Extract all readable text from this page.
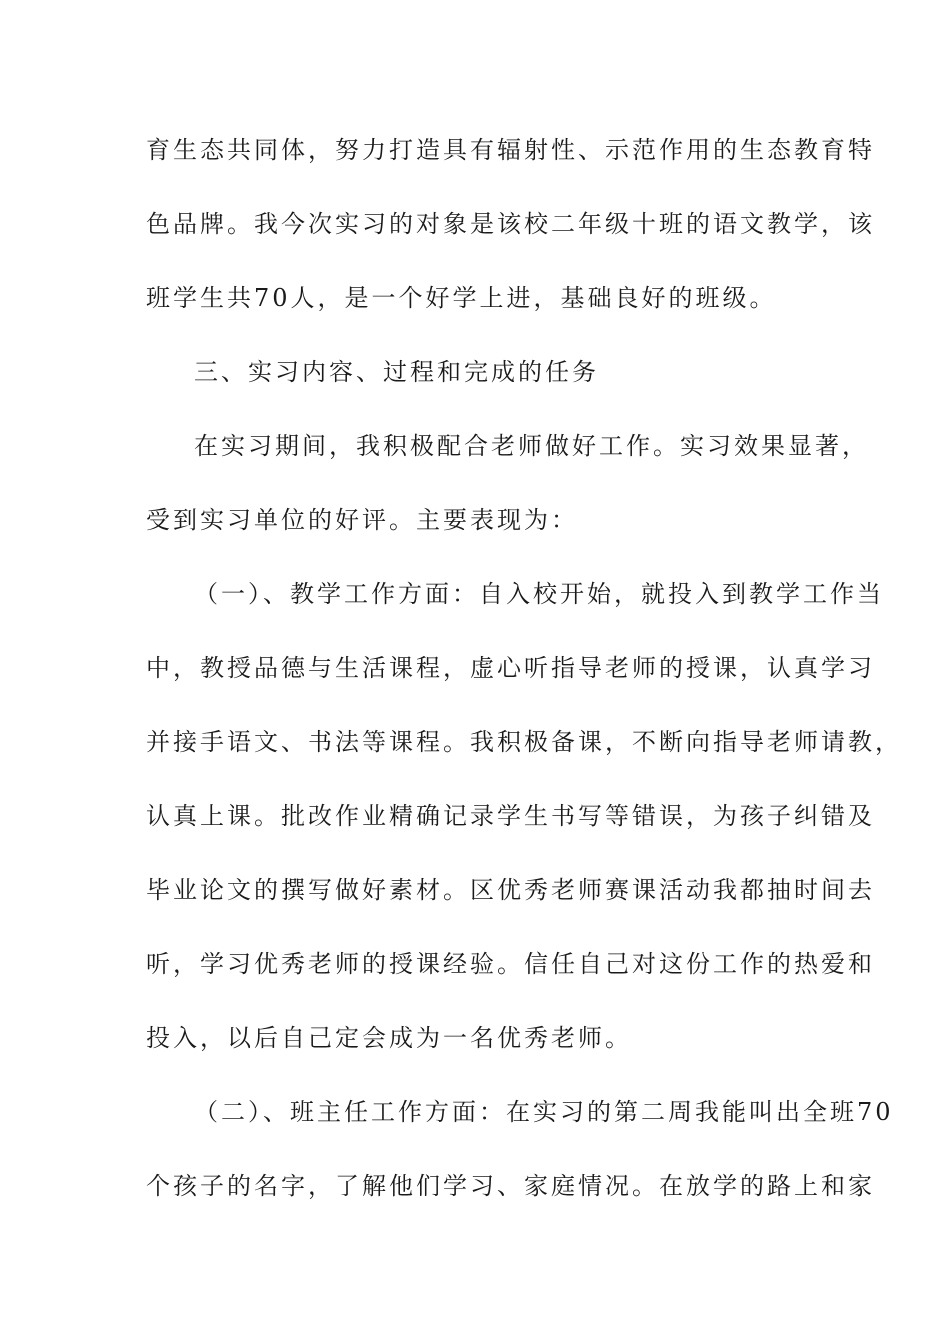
育生态共同体，努力打造具有辐射性、示范作用的生态教育特
色品牌。我今次实习的对象是该校二年级十班的语文教学，该
班学生共70人，是一个好学上进，基础良好的班级。
三、实习内容、过程和完成的任务
在实习期间，我积极配合老师做好工作。实习效果显著，
受到实习单位的好评。主要表现为：
（一）、教学工作方面：自入校开始，就投入到教学工作当
中，教授品德与生活课程，虚心听指导老师的授课，认真学习
并接手语文、书法等课程。我积极备课，不断向指导老师请教，
认真上课。批改作业精确记录学生书写等错误，为孩子纠错及
毕业论文的撰写做好素材。区优秀老师赛课活动我都抽时间去
听，学习优秀老师的授课经验。信任自己对这份工作的热爱和
投入，以后自己定会成为一名优秀老师。
（二）、班主任工作方面：在实习的第二周我能叫出全班70
个孩子的名字，了解他们学习、家庭情况。在放学的路上和家
